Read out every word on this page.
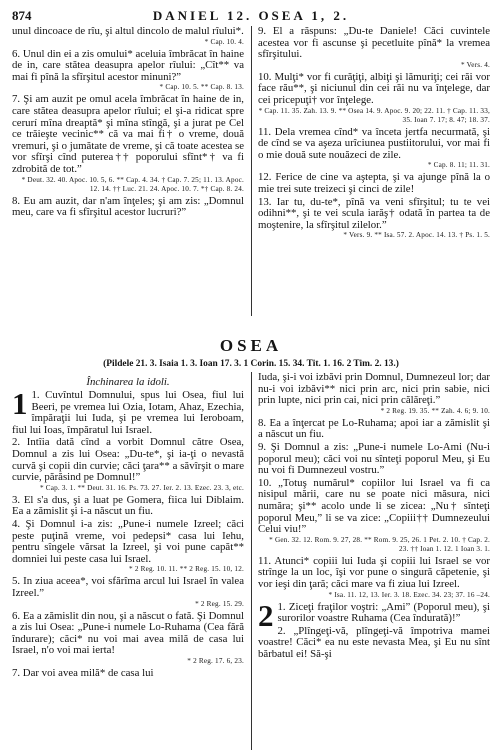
874	DANIEL 12. OSEA 1, 2.
unul dincoace de rîu, şi altul dincolo de malul rîului*.
* Cap. 10. 4.
6. Unul din ei a zis omului* aceluia îmbrăcat în haine de in, care stătea deasupra apelor rîului: „Cît** va mai fi pînă la sfîrşitul acestor minuni?”
* Cap. 10. 5. ** Cap. 8. 13.
7. Şi am auzit pe omul acela îmbrăcat în haine de in, care stătea deasupra apelor rîului; el şi-a ridicat spre cerurí mîna dreaptă* şi mîna stîngă, şi a jurat pe Cel ce trăieşte vecinic** că va mai fi† o vreme, două vremuri, şi o jumătate de vreme, şi că toate acestea se vor sfîrşi cînd puterea†† poporului sfînt*† va fi zdrobită de tot.”
* Deut. 32. 40. Apoc. 10. 5, 6. ** Cap. 4. 34. † Cap. 7. 25; 11. 13. Apoc. 12. 14. †† Luc. 21. 24. Apoc. 10. 7. *† Cap. 8. 24.
8. Eu am auzit, dar n'am înţeles; şi am zis: „Domnul meu, care va fi sfîrşitul acestor lucruri?”
9. El a răspuns: „Du-te Daniele! Căci cuvintele acestea vor fi ascunse şi pecetluite pînă* la vremea sfîrşitului.
* Vers. 4.
10. Mulţi* vor fi curăţiţi, albiţi şi lămuriţi; cei răi vor face rău**, şi niciunul din cei răi nu va înţelege, dar cei pricepuţi† vor înţelege.
* Cap. 11. 35. Zah. 13. 9. ** Osea 14. 9. Apoc. 9. 20; 22. 11. † Cap. 11. 33, 35. Ioan 7. 17; 8. 47; 18. 37.
11. Dela vremea cînd* va înceta jertfa necurmată, şi de cînd se va aşeza urîciunea pustiitorului, vor mai fi o mie două sute nouăzeci de zile.
* Cap. 8. 11; 11. 31.
12. Ferice de cine va aştepta, şi va ajunge pînă la o mie trei sute treizeci şi cinci de zile!
13. Iar tu, du-te*, pînă va veni sfîrşitul; tu te vei odihni**, şi te vei scula iarăş† odată în partea ta de moştenire, la sfîrşitul zilelor.”
* Vers. 9. ** Isa. 57. 2. Apoc. 14. 13. † Ps. 1. 5.
OSEA
(Pildele 21. 3. Isaia 1. 3. Ioan 17. 3. 1 Corin. 15. 34. Tit. 1. 16. 2 Tim. 2. 13.)
Închinarea la idoli.
1 1. Cuvîntul Domnului, spus lui Osea, fiul lui Beeri, pe vremea lui Ozia, Iotam, Ahaz, Ezechia, împăraţii lui Iuda, şi pe vremea lui Ieroboam, fiul lui Ioas, împăratul lui Israel.
2. Intîia dată cînd a vorbit Domnul către Osea, Domnul a zis lui Osea: „Du-te*, şi ia-ţi o nevastă curvă şi copii din curvie; căci ţara** a săvîrşit o mare curvie, părăsind pe Domnul!”
* Cap. 3. 1. ** Deut. 31. 16. Ps. 73. 27. Ier. 2. 13. Ezec. 23. 3, etc.
3. El s'a dus, şi a luat pe Gomera, fiica lui Diblaim. Ea a zămislit şi i-a născut un fiu.
4. Şi Domnul i-a zis: „Pune-i numele Izreel; căci peste puţină vreme, voi pedepsi* casa lui Iehu, pentru sîngele vărsat la Izreel, şi voi pune capăt** domniei lui peste casa lui Israel.
* 2 Reg. 10. 11. ** 2 Reg. 15. 10, 12.
5. In ziua aceea*, voi sfărîma arcul lui Israel în valea Izreel.”
* 2 Reg. 15. 29.
6. Ea a zămislit din nou, şi a născut o fată. Şi Domnul a zis lui Osea: „Pune-i numele Lo-Ruhama (Cea fără îndurare); căci* nu voi mai avea milă de casa lui Israel, n'o voi mai ierta!
* 2 Reg. 17. 6, 23.
7. Dar voi avea milă* de casa lui
Iuda, şi-i voi izbăvi prin Domnul, Dumnezeul lor; dar nu-i voi izbăvi** nici prin arc, nici prin sabie, nici prin lupte, nici prin cai, nici prin călăreţi.”
* 2 Reg. 19. 35. ** Zah. 4. 6; 9. 10.
8. Ea a înţercat pe Lo-Ruhama; apoi iar a zămislit şi a născut un fiu.
9. Şi Domnul a zis: „Pune-i numele Lo-Ami (Nu-i poporul meu); căci voi nu sînteţi poporul Meu, şi Eu nu voi fi Dumnezeul vostru.”
10. „Totuş numărul* copiilor lui Israel va fi ca nisipul mării, care nu se poate nici măsura, nici număra; şi** acolo unde li se zicea: „Nu† sînteţi poporul Meu,” li se va zice: „Copiii†† Dumnezeului Celui viu!”
* Gen. 32. 12. Rom. 9. 27, 28. ** Rom. 9. 25, 26. 1 Pet. 2. 10. † Cap. 2. 23. †† Ioan 1. 12. 1 Ioan 3. 1.
11. Atunci* copiii lui Iuda şi copiii lui Israel se vor strînge la un loc, îşi vor pune o singură căpetenie, şi vor ieşi din ţară; căci mare va fi ziua lui Izreel.
* Isa. 11. 12, 13. Ier. 3. 18. Ezec. 34. 23; 37. 16 –24.
2 1. Ziceţi fraţilor voştri: „Ami” (Poporul meu), şi surorilor voastre Ruhama (Cea îndurată)!”
2. „Plîngeţi-vă, plîngeţi-vă împotriva mamei voastre! Căci* ea nu este nevasta Mea, şi Eu nu sînt bărbatul ei! Să-şi
